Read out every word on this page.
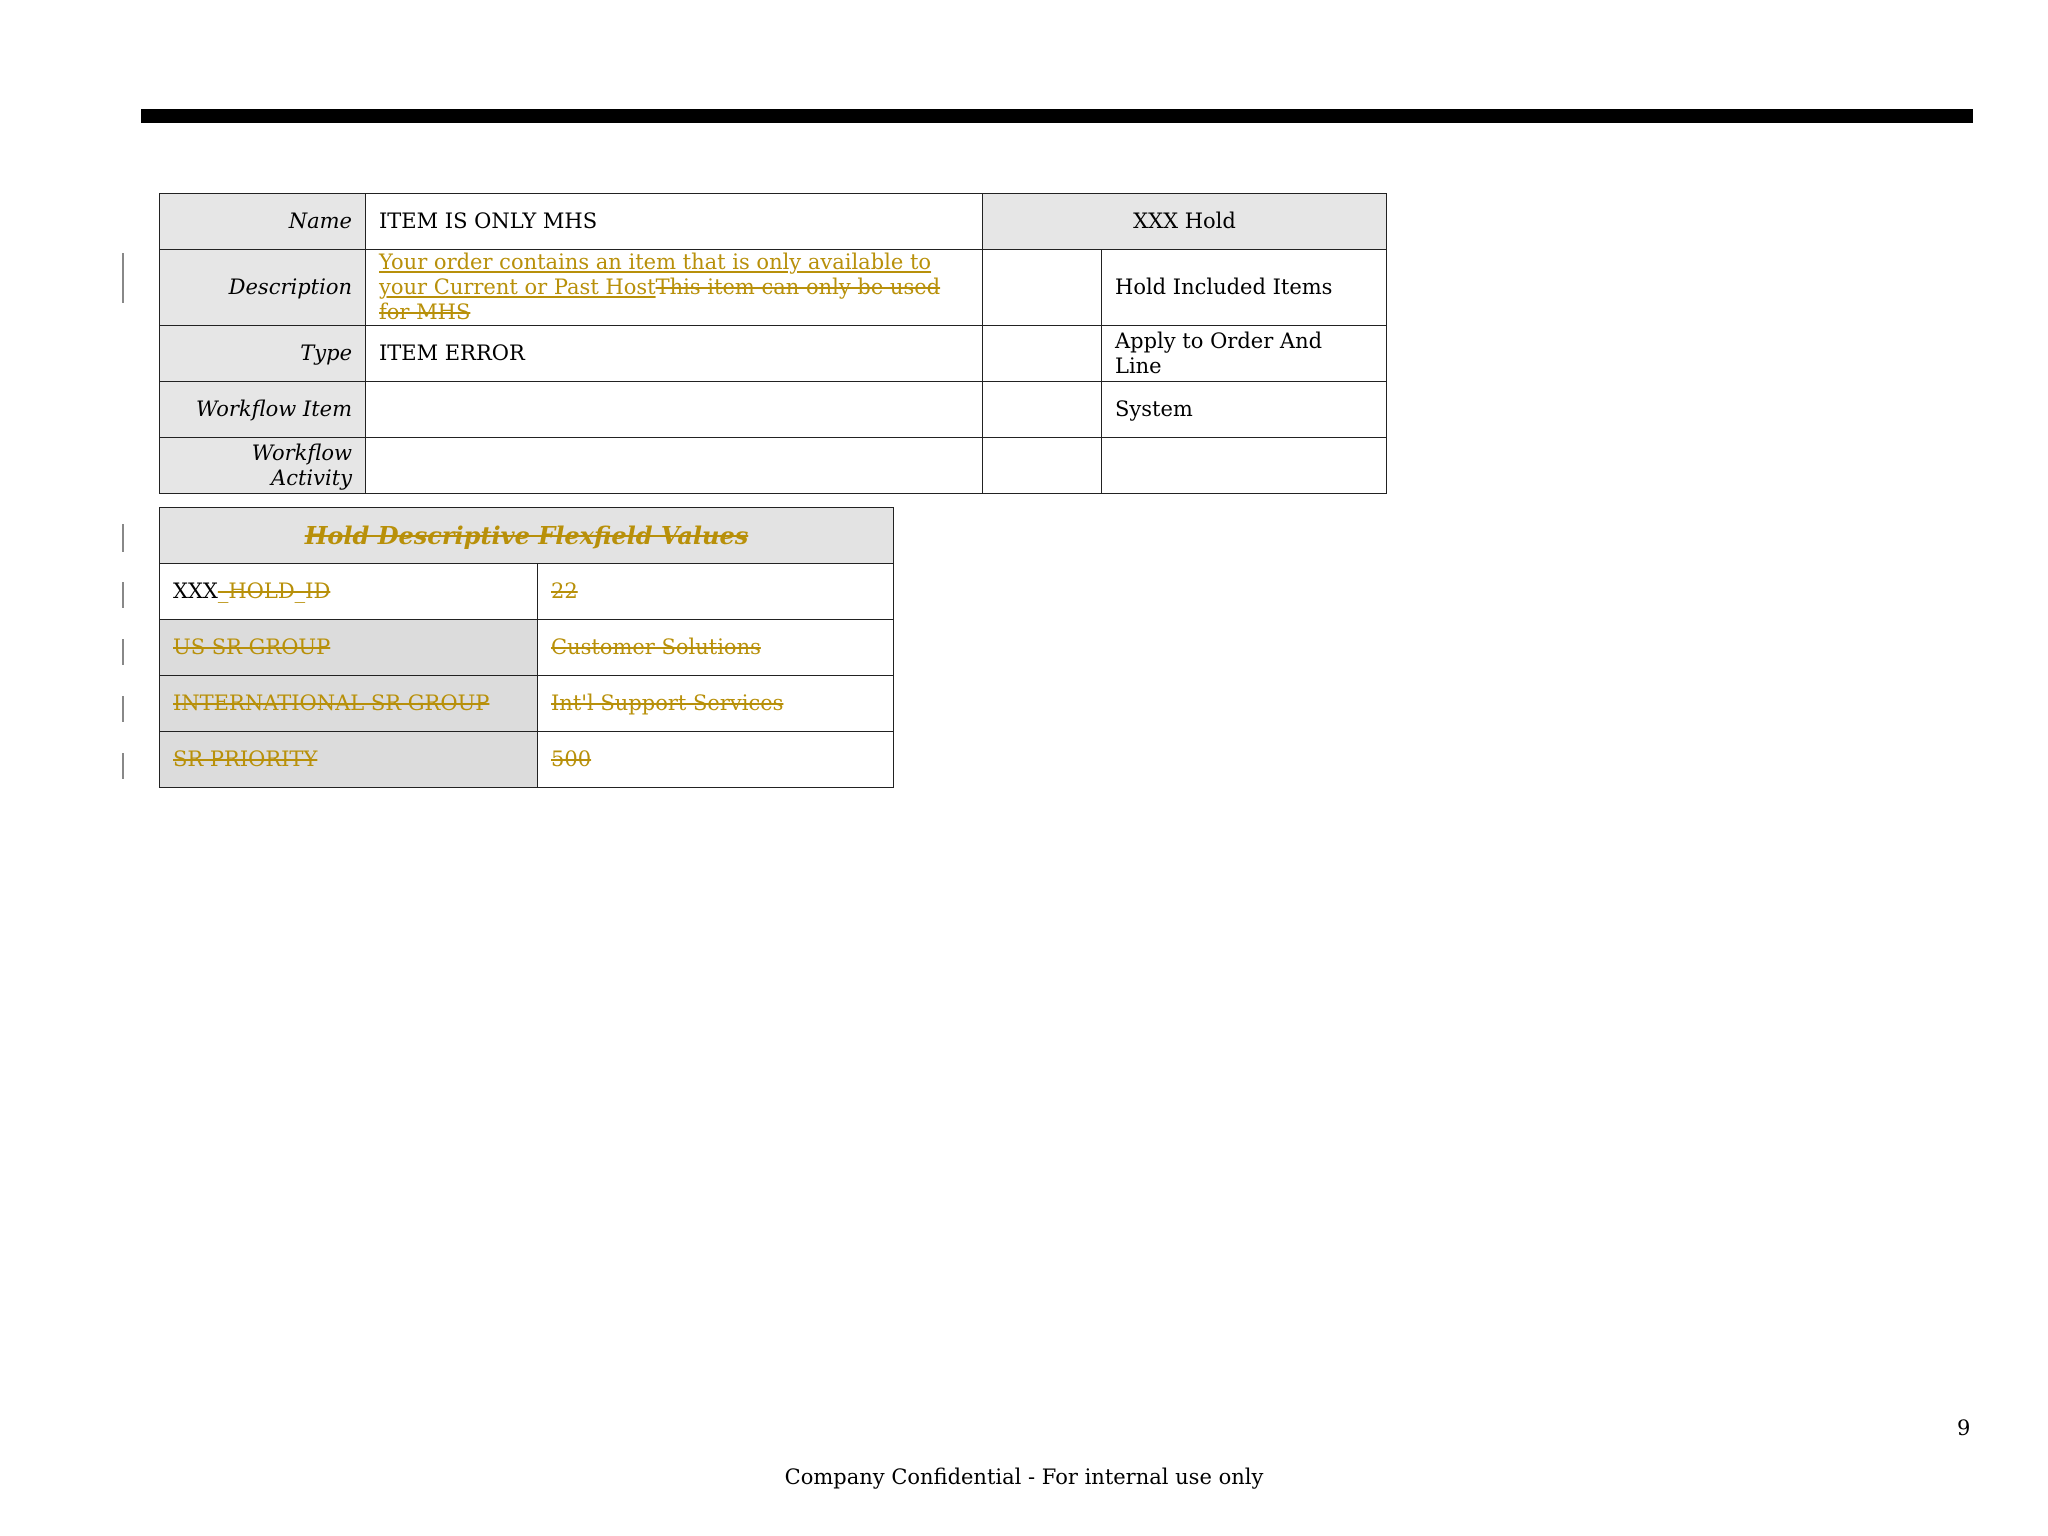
Name	ITEM IS ONLY MHS	XXX Hold	
Description	Your order contains an item that is only available to your Current or Past HostThis item can only be used for MHS		Hold Included Items
Type	ITEM ERROR		Apply to Order And Line
Workflow Item			System
Workflow Activity			
Hold Descriptive Flexfield Values	
XXX_HOLD_ID	22
US SR GROUP	Customer Solutions
INTERNATIONAL SR GROUP	Int'l Support Services
SR PRIORITY	500
9
Company Confidential - For internal use only
